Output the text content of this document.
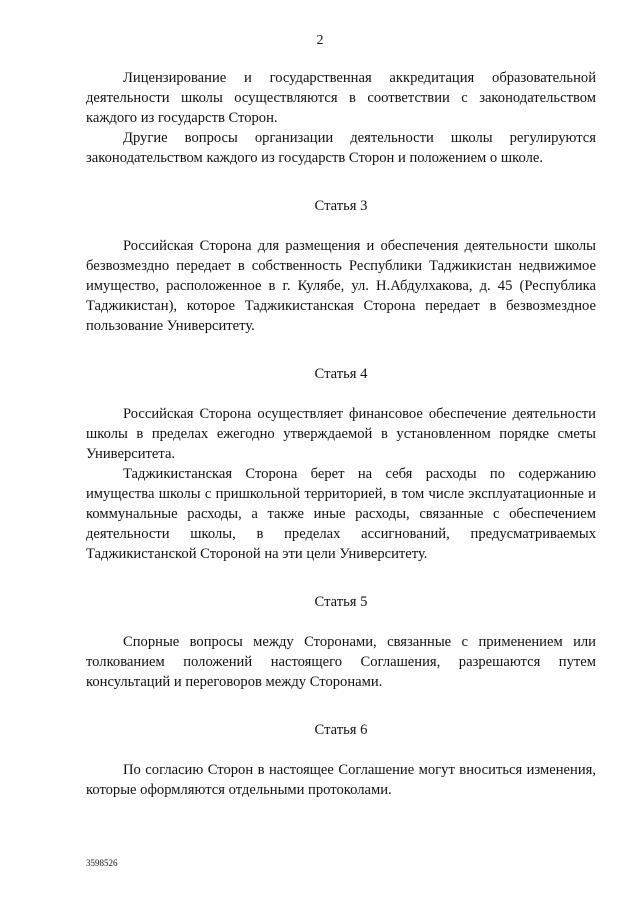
2

Лицензирование и государственная аккредитация образовательной деятельности школы осуществляются в соответствии с законодательством каждого из государств Сторон.

Другие вопросы организации деятельности школы регулируются законодательством каждого из государств Сторон и положением о школе.

Статья 3

Российская Сторона для размещения и обеспечения деятельности школы безвозмездно передает в собственность Республики Таджикистан недвижимое имущество, расположенное в г. Кулябе, ул. Н.Абдулхакова, д. 45 (Республика Таджикистан), которое Таджикистанская Сторона передает в безвозмездное пользование Университету.

Статья 4

Российская Сторона осуществляет финансовое обеспечение деятельности школы в пределах ежегодно утверждаемой в установленном порядке сметы Университета.

Таджикистанская Сторона берет на себя расходы по содержанию имущества школы с пришкольной территорией, в том числе эксплуатационные и коммунальные расходы, а также иные расходы, связанные с обеспечением деятельности школы, в пределах ассигнований, предусматриваемых Таджикистанской Стороной на эти цели Университету.

Статья 5

Спорные вопросы между Сторонами, связанные с применением или толкованием положений настоящего Соглашения, разрешаются путем консультаций и переговоров между Сторонами.

Статья 6

По согласию Сторон в настоящее Соглашение могут вноситься изменения, которые оформляются отдельными протоколами.

3598526
